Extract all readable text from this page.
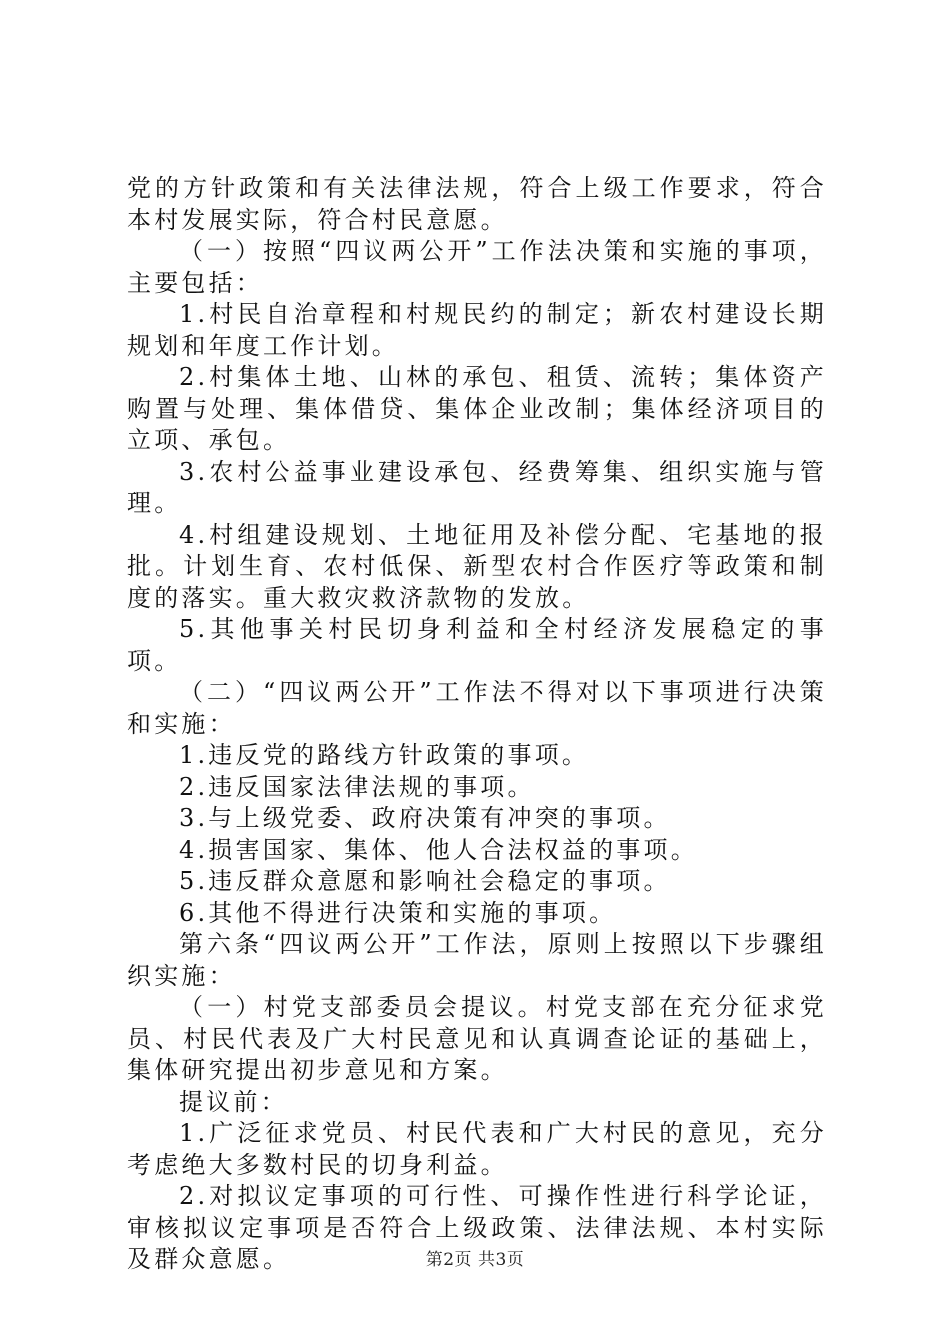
党的方针政策和有关法律法规，符合上级工作要求，符合本村发展实际，符合村民意愿。

（一）按照“四议两公开”工作法决策和实施的事项，主要包括：

1.村民自治章程和村规民约的制定；新农村建设长期规划和年度工作计划。

2.村集体土地、山林的承包、租赁、流转；集体资产购置与处理、集体借贷、集体企业改制；集体经济项目的立项、承包。

3.农村公益事业建设承包、经费筹集、组织实施与管理。

4.村组建设规划、土地征用及补偿分配、宅基地的报批。计划生育、农村低保、新型农村合作医疗等政策和制度的落实。重大救灾救济款物的发放。

5.其他事关村民切身利益和全村经济发展稳定的事项。

（二）“四议两公开”工作法不得对以下事项进行决策和实施：

1.违反党的路线方针政策的事项。

2.违反国家法律法规的事项。

3.与上级党委、政府决策有冲突的事项。

4.损害国家、集体、他人合法权益的事项。

5.违反群众意愿和影响社会稳定的事项。

6.其他不得进行决策和实施的事项。

第六条“四议两公开”工作法，原则上按照以下步骤组织实施：

（一）村党支部委员会提议。村党支部在充分征求党员、村民代表及广大村民意见和认真调查论证的基础上，集体研究提出初步意见和方案。

提议前：

1.广泛征求党员、村民代表和广大村民的意见，充分考虑绝大多数村民的切身利益。

2.对拟议定事项的可行性、可操作性进行科学论证，审核拟议定事项是否符合上级政策、法律法规、本村实际及群众意愿。	第2页 共3页
